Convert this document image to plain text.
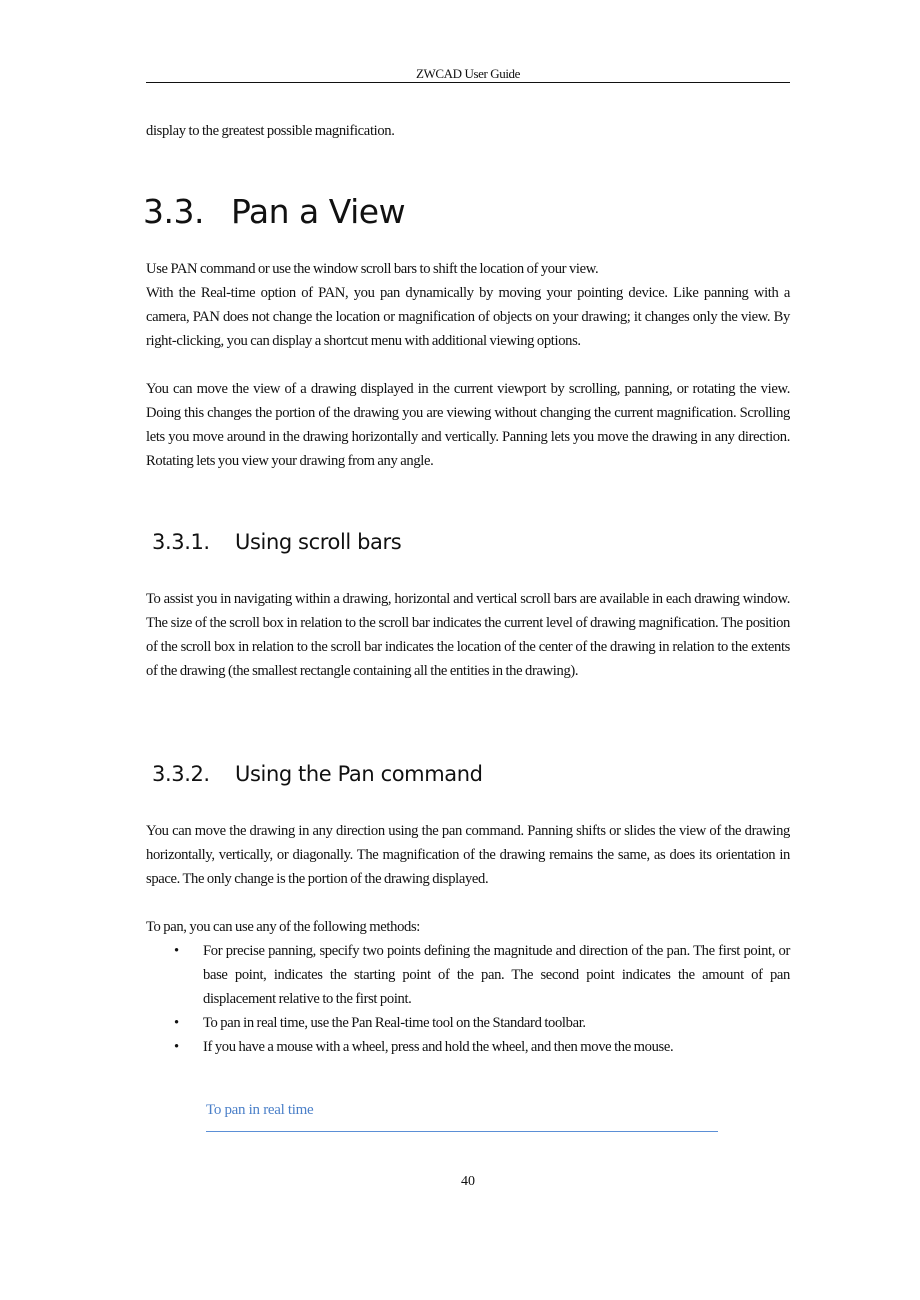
ZWCAD User Guide
display to the greatest possible magnification.
3.3. Pan a View
Use PAN command or use the window scroll bars to shift the location of your view.
With the Real-time option of PAN, you pan dynamically by moving your pointing device. Like panning with a camera, PAN does not change the location or magnification of objects on your drawing; it changes only the view. By right-clicking, you can display a shortcut menu with additional viewing options.
You can move the view of a drawing displayed in the current viewport by scrolling, panning, or rotating the view. Doing this changes the portion of the drawing you are viewing without changing the current magnification. Scrolling lets you move around in the drawing horizontally and vertically. Panning lets you move the drawing in any direction. Rotating lets you view your drawing from any angle.
3.3.1. Using scroll bars
To assist you in navigating within a drawing, horizontal and vertical scroll bars are available in each drawing window. The size of the scroll box in relation to the scroll bar indicates the current level of drawing magnification. The position of the scroll box in relation to the scroll bar indicates the location of the center of the drawing in relation to the extents of the drawing (the smallest rectangle containing all the entities in the drawing).
3.3.2. Using the Pan command
You can move the drawing in any direction using the pan command. Panning shifts or slides the view of the drawing horizontally, vertically, or diagonally. The magnification of the drawing remains the same, as does its orientation in space. The only change is the portion of the drawing displayed.
To pan, you can use any of the following methods:
• For precise panning, specify two points defining the magnitude and direction of the pan. The first point, or base point, indicates the starting point of the pan. The second point indicates the amount of pan displacement relative to the first point.
• To pan in real time, use the Pan Real-time tool on the Standard toolbar.
• If you have a mouse with a wheel, press and hold the wheel, and then move the mouse.
To pan in real time
40
